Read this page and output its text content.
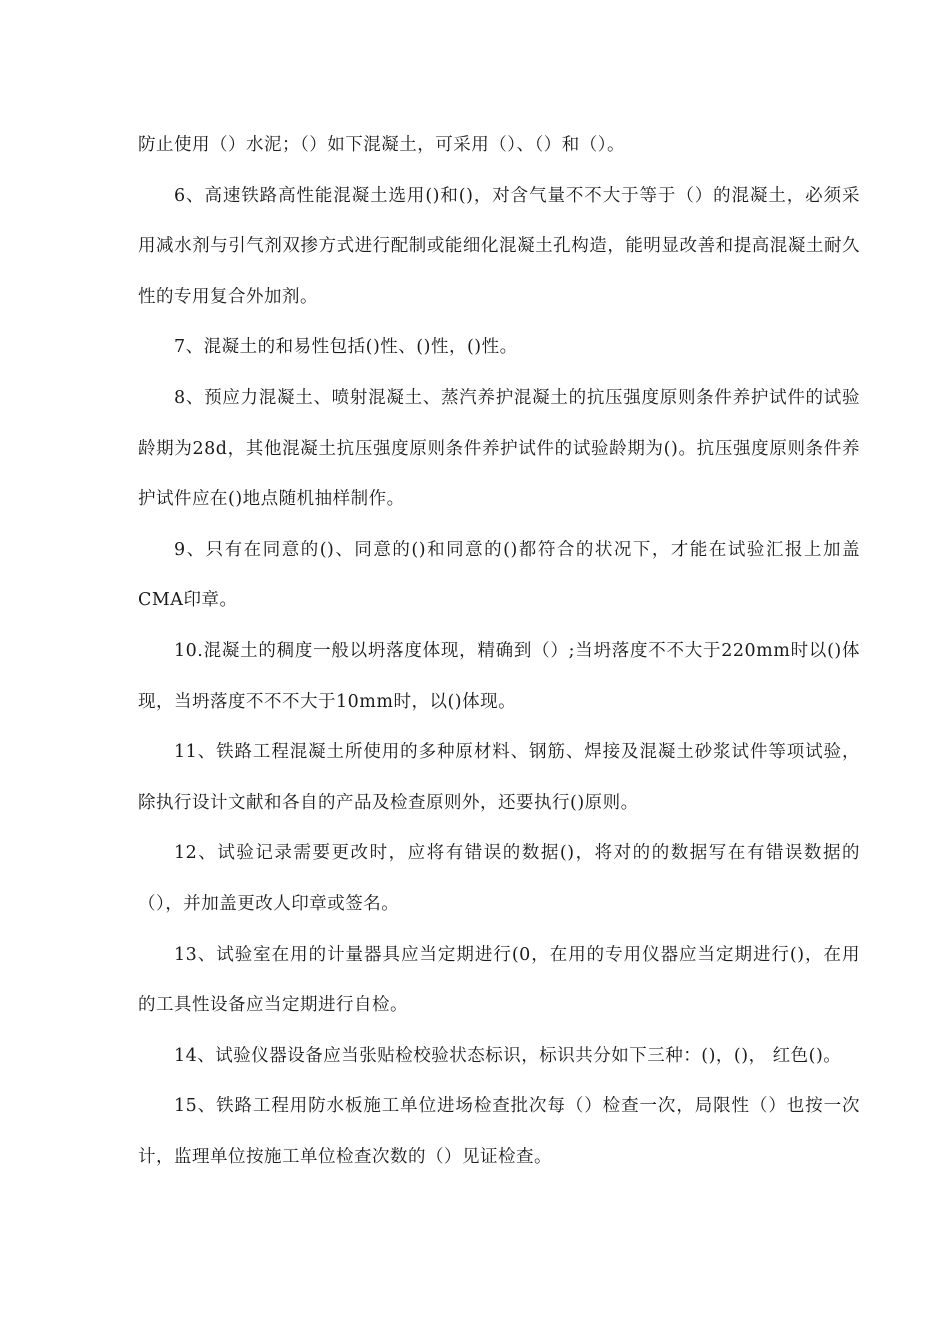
防止使用（）水泥；（）如下混凝土，可采用（）、（）和（）。

6、高速铁路高性能混凝土选用()和()，对含气量不不大于等于（）的混凝土，必须采用减水剂与引气剂双掺方式进行配制或能细化混凝土孔构造，能明显改善和提高混凝土耐久性的专用复合外加剂。

7、混凝土的和易性包括()性、()性，()性。

8、预应力混凝土、喷射混凝土、蒸汽养护混凝土的抗压强度原则条件养护试件的试验龄期为28d，其他混凝土抗压强度原则条件养护试件的试验龄期为()。抗压强度原则条件养护试件应在()地点随机抽样制作。

9、只有在同意的()、同意的()和同意的()都符合的状况下，才能在试验汇报上加盖CMA印章。

10.混凝土的稠度一般以坍落度体现，精确到（）;当坍落度不不大于220mm时以()体现，当坍落度不不不大于10mm时，以()体现。

11、铁路工程混凝土所使用的多种原材料、钢筋、焊接及混凝土砂浆试件等项试验，除执行设计文献和各自的产品及检查原则外，还要执行()原则。

12、试验记录需要更改时，应将有错误的数据()，将对的的数据写在有错误数据的（），并加盖更改人印章或签名。

13、试验室在用的计量器具应当定期进行(0，在用的专用仪器应当定期进行()，在用的工具性设备应当定期进行自检。

14、试验仪器设备应当张贴检校验状态标识，标识共分如下三种：()，()， 红色()。

15、铁路工程用防水板施工单位进场检查批次每（）检查一次，局限性（）也按一次计，监理单位按施工单位检查次数的（）见证检查。
